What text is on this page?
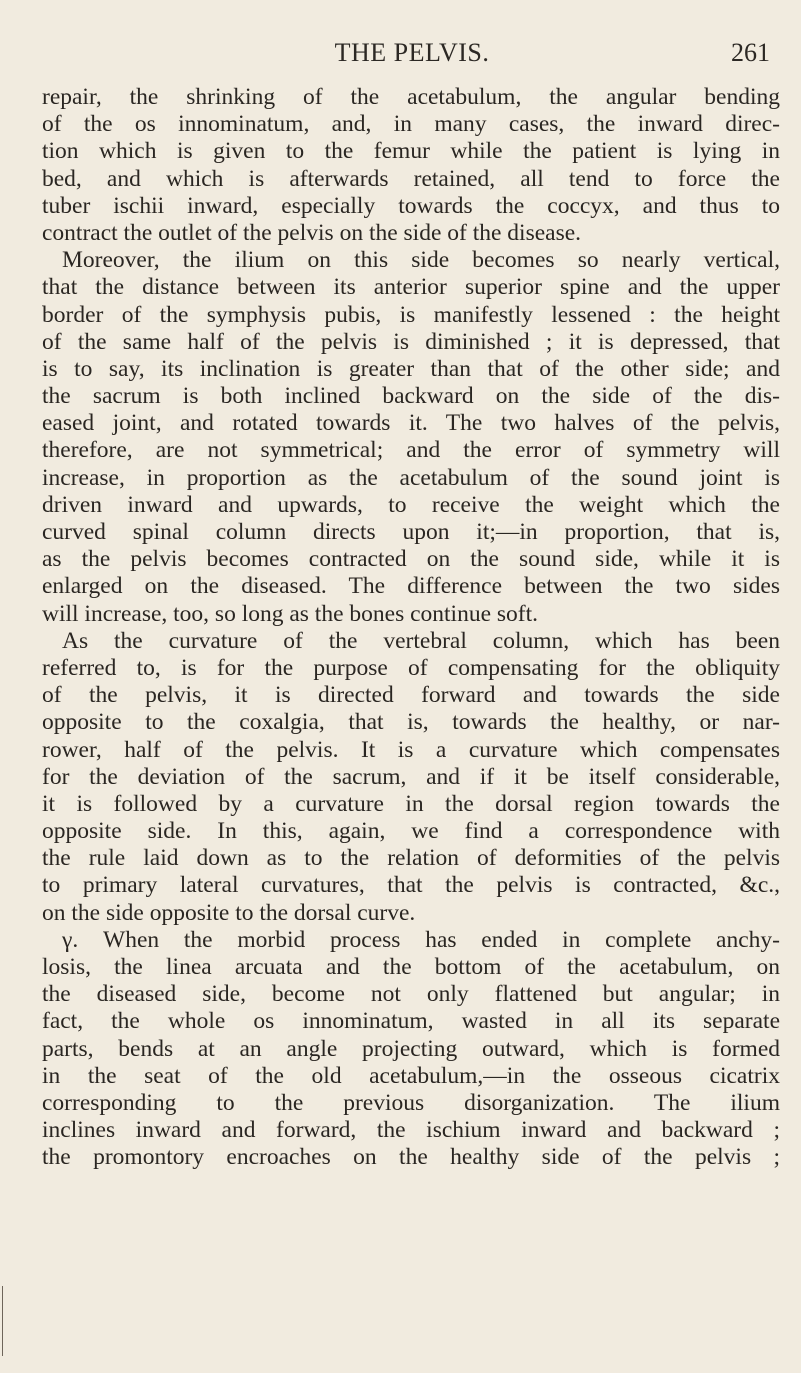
THE PELVIS.	261
repair, the shrinking of the acetabulum, the angular bending
of the os innominatum, and, in many cases, the inward direc-
tion which is given to the femur while the patient is lying in
bed, and which is afterwards retained, all tend to force the
tuber ischii inward, especially towards the coccyx, and thus to
contract the outlet of the pelvis on the side of the disease.
Moreover, the ilium on this side becomes so nearly vertical,
that the distance between its anterior superior spine and the upper
border of the symphysis pubis, is manifestly lessened : the height
of the same half of the pelvis is diminished ; it is depressed, that
is to say, its inclination is greater than that of the other side; and
the sacrum is both inclined backward on the side of the dis-
eased joint, and rotated towards it. The two halves of the pelvis,
therefore, are not symmetrical; and the error of symmetry will
increase, in proportion as the acetabulum of the sound joint is
driven inward and upwards, to receive the weight which the
curved spinal column directs upon it;—in proportion, that is,
as the pelvis becomes contracted on the sound side, while it is
enlarged on the diseased. The difference between the two sides
will increase, too, so long as the bones continue soft.
As the curvature of the vertebral column, which has been
referred to, is for the purpose of compensating for the obliquity
of the pelvis, it is directed forward and towards the side
opposite to the coxalgia, that is, towards the healthy, or nar-
rower, half of the pelvis. It is a curvature which compensates
for the deviation of the sacrum, and if it be itself considerable,
it is followed by a curvature in the dorsal region towards the
opposite side. In this, again, we find a correspondence with
the rule laid down as to the relation of deformities of the pelvis
to primary lateral curvatures, that the pelvis is contracted, &c.,
on the side opposite to the dorsal curve.
γ. When the morbid process has ended in complete anchy-
losis, the linea arcuata and the bottom of the acetabulum, on
the diseased side, become not only flattened but angular; in
fact, the whole os innominatum, wasted in all its separate
parts, bends at an angle projecting outward, which is formed
in the seat of the old acetabulum,—in the osseous cicatrix
corresponding to the previous disorganization. The ilium
inclines inward and forward, the ischium inward and backward ;
the promontory encroaches on the healthy side of the pelvis ;
